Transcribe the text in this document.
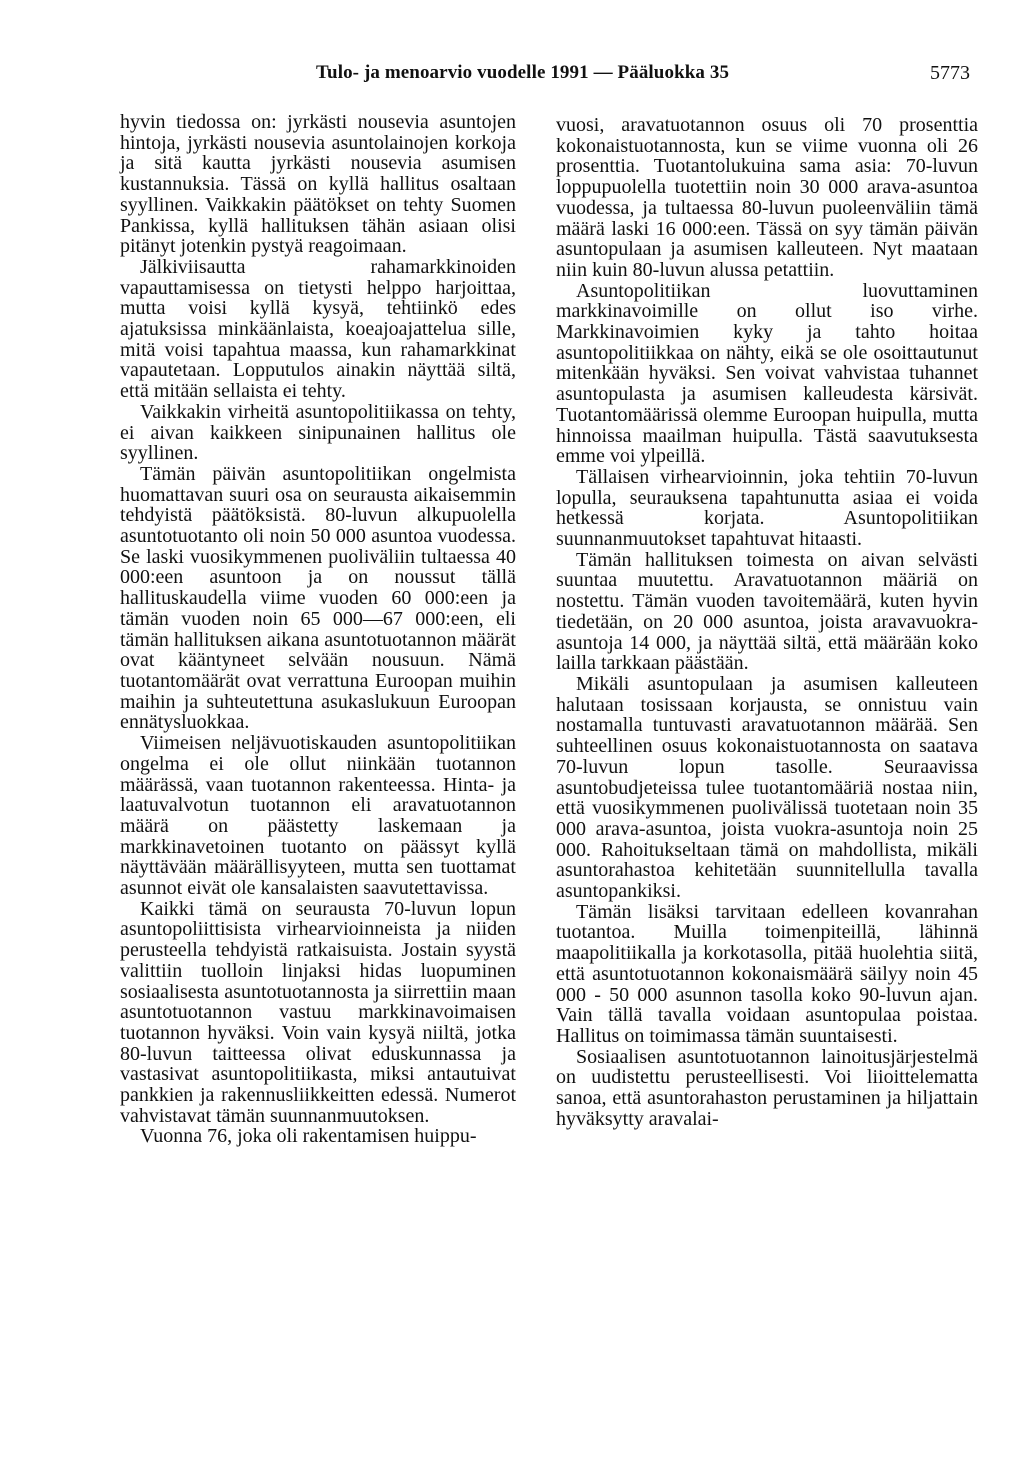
Tulo- ja menoarvio vuodelle 1991 — Pääluokka 35	5773

hyvin tiedossa on: jyrkästi nousevia asuntojen hintoja, jyrkästi nousevia asuntolainojen korkoja ja sitä kautta jyrkästi nousevia asumisen kustannuksia. Tässä on kyllä hallitus osaltaan syyllinen. Vaikkakin päätökset on tehty Suomen Pankissa, kyllä hallituksen tähän asiaan olisi pitänyt jotenkin pystyä reagoimaan.

Jälkiviisautta rahamarkkinoiden vapauttamisessa on tietysti helppo harjoittaa, mutta voisi kyllä kysyä, tehtiinkö edes ajatuksissa minkäänlaista, koeajoajattelua sille, mitä voisi tapahtua maassa, kun rahamarkkinat vapautetaan. Lopputulos ainakin näyttää siltä, että mitään sellaista ei tehty.

Vaikkakin virheitä asuntopolitiikassa on tehty, ei aivan kaikkeen sinipunainen hallitus ole syyllinen.

Tämän päivän asuntopolitiikan ongelmista huomattavan suuri osa on seurausta aikaisemmin tehdyistä päätöksistä. 80-luvun alkupuolella asuntotuotanto oli noin 50 000 asuntoa vuodessa. Se laski vuosikymmenen puoliväliin tultaessa 40 000:een asuntoon ja on noussut tällä hallituskaudella viime vuoden 60 000:een ja tämän vuoden noin 65 000—67 000:een, eli tämän hallituksen aikana asuntotuotannon määrät ovat kääntyneet selvään nousuun. Nämä tuotantomäärät ovat verrattuna Euroopan muihin maihin ja suhteutettuna asukaslukuun Euroopan ennätysluokkaa.

Viimeisen neljävuotiskauden asuntopolitiikan ongelma ei ole ollut niinkään tuotannon määrässä, vaan tuotannon rakenteessa. Hinta- ja laatuvalvotun tuotannon eli aravatuotannon määrä on päästetty laskemaan ja markkinavetoinen tuotanto on päässyt kyllä näyttävään määrällisyyteen, mutta sen tuottamat asunnot eivät ole kansalaisten saavutettavissa.

Kaikki tämä on seurausta 70-luvun lopun asuntopoliittisista virhearvioinneista ja niiden perusteella tehdyistä ratkaisuista. Jostain syystä valittiin tuolloin linjaksi hidas luopuminen sosiaalisesta asuntotuotannosta ja siirrettiin maan asuntotuotannon vastuu markkinavoimaisen tuotannon hyväksi. Voin vain kysyä niiltä, jotka 80-luvun taitteessa olivat eduskunnassa ja vastasivat asuntopolitiikasta, miksi antautuivat pankkien ja rakennusliikkeitten edessä. Numerot vahvistavat tämän suunnanmuutoksen.

Vuonna 76, joka oli rakentamisen huippu-

vuosi, aravatuotannon osuus oli 70 prosenttia kokonaistuotannosta, kun se viime vuonna oli 26 prosenttia. Tuotantolukuina sama asia: 70-luvun loppupuolella tuotettiin noin 30 000 arava-asuntoa vuodessa, ja tultaessa 80-luvun puoleenväliin tämä määrä laski 16 000:een. Tässä on syy tämän päivän asuntopulaan ja asumisen kalleuteen. Nyt maataan niin kuin 80-luvun alussa petattiin.

Asuntopolitiikan luovuttaminen markkinavoimille on ollut iso virhe. Markkinavoimien kyky ja tahto hoitaa asuntopolitiikkaa on nähty, eikä se ole osoittautunut mitenkään hyväksi. Sen voivat vahvistaa tuhannet asuntopulasta ja asumisen kalleudesta kärsivät. Tuotantomäärissä olemme Euroopan huipulla, mutta hinnoissa maailman huipulla. Tästä saavutuksesta emme voi ylpeillä.

Tällaisen virhearvioinnin, joka tehtiin 70-luvun lopulla, seurauksena tapahtunutta asiaa ei voida hetkessä korjata. Asuntopolitiikan suunnanmuutokset tapahtuvat hitaasti.

Tämän hallituksen toimesta on aivan selvästi suuntaa muutettu. Aravatuotannon määriä on nostettu. Tämän vuoden tavoitemäärä, kuten hyvin tiedetään, on 20 000 asuntoa, joista aravavuokra-asuntoja 14 000, ja näyttää siltä, että määrään koko lailla tarkkaan päästään.

Mikäli asuntopulaan ja asumisen kalleuteen halutaan tosissaan korjausta, se onnistuu vain nostamalla tuntuvasti aravatuotannon määrää. Sen suhteellinen osuus kokonaistuotannosta on saatava 70-luvun lopun tasolle. Seuraavissa asuntobudjeteissa tulee tuotantomääriä nostaa niin, että vuosikymmenen puolivälissä tuotetaan noin 35 000 arava-asuntoa, joista vuokra-asuntoja noin 25 000. Rahoitukseltaan tämä on mahdollista, mikäli asuntorahastoa kehitetään suunnitellulla tavalla asuntopankiksi.

Tämän lisäksi tarvitaan edelleen kovanrahan tuotantoa. Muilla toimenpiteillä, lähinnä maapolitiikalla ja korkotasolla, pitää huolehtia siitä, että asuntotuotannon kokonaismäärä säilyy noin 45 000 - 50 000 asunnon tasolla koko 90-luvun ajan. Vain tällä tavalla voidaan asuntopulaa poistaa. Hallitus on toimimassa tämän suuntaisesti.

Sosiaalisen asuntotuotannon lainoitusjärjestelmä on uudistettu perusteellisesti. Voi liioittelematta sanoa, että asuntorahaston perustaminen ja hiljattain hyväksytty aravalai-
